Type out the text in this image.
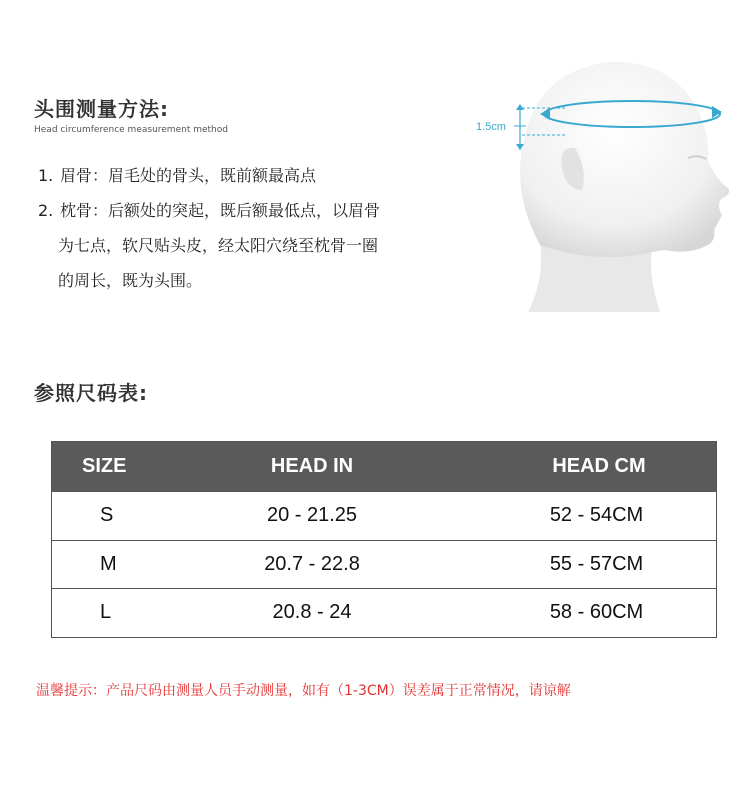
头围测量方法:
Head circumference measurement method
1. 眉骨：眉毛处的骨头，既前额最高点
2. 枕骨：后额处的突起，既后额最低点，以眉骨
为七点，软尺贴头皮，经太阳穴绕至枕骨一圈
的周长，既为头围。
1.5cm
参照尺码表:
SIZE	HEAD IN	HEAD CM
S	20 - 21.25	52 - 54CM
M	20.7 - 22.8	55 - 57CM
L	20.8 - 24	58 - 60CM
温馨提示：产品尺码由测量人员手动测量，如有（1-3CM）误差属于正常情况，请谅解
